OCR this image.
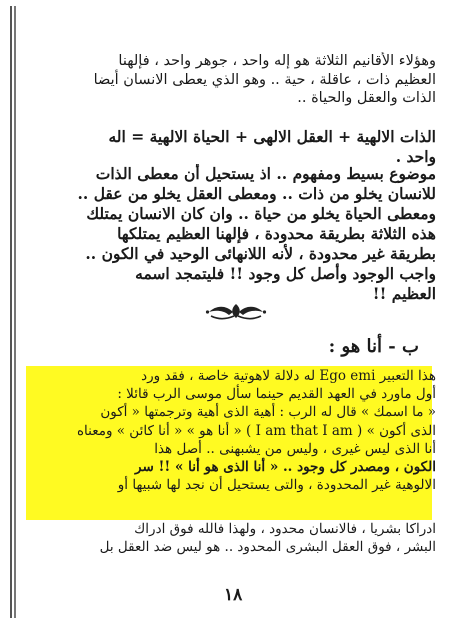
وهؤلاء الأقانيم الثلاثة هو إله واحد ، جوهر واحد ، فإلهنا
العظيم ذات ، عاقلة ، حية .. وهو الذي يعطى الانسان أيضا
الذات والعقل والحياة ..
الذات الالهية + العقل الالهى + الحياة الالهية = اله
واحد .
موضوع بسيط ومفهوم .. اذ يستحيل أن معطى الذات
للانسان يخلو من ذات .. ومعطى العقل يخلو من عقل ..
ومعطى الحياة يخلو من حياة .. وان كان الانسان يمتلك
هذه الثلاثة بطريقة محدودة ، فإلهنا العظيم يمتلكها
بطريقة غير محدودة ، لأنه اللانهائى الوحيد في الكون ..
واجب الوجود وأصل كل وجود !! فليتمجد اسمه
العظيم !!
ب - أنا هو :
هذا التعبير Ego emi له دلالة لاهوتية خاصة ، فقد ورد
أول ماورد في العهد القديم حينما سأل موسى الرب قائلا :
« ما اسمك » قال له الرب : أهية الذى أهية وترجمتها « أكون
الذى أكون » ( I am that I am ) « أنا هو » « أنا كائن » ومعناه
أنا الذى ليس غيرى ، وليس من يشبهنى .. أصل هذا
الكون ، ومصدر كل وجود .. « أنا الذى هو أنا » !! سر
الالوهية غير المحدودة ، والتى يستحيل أن نجد لها شبيها أو
ادراكا بشريا ، فالانسان محدود ، ولهذا فالله فوق ادراك
البشر ، فوق العقل البشرى المحدود .. هو ليس ضد العقل بل
١٨
